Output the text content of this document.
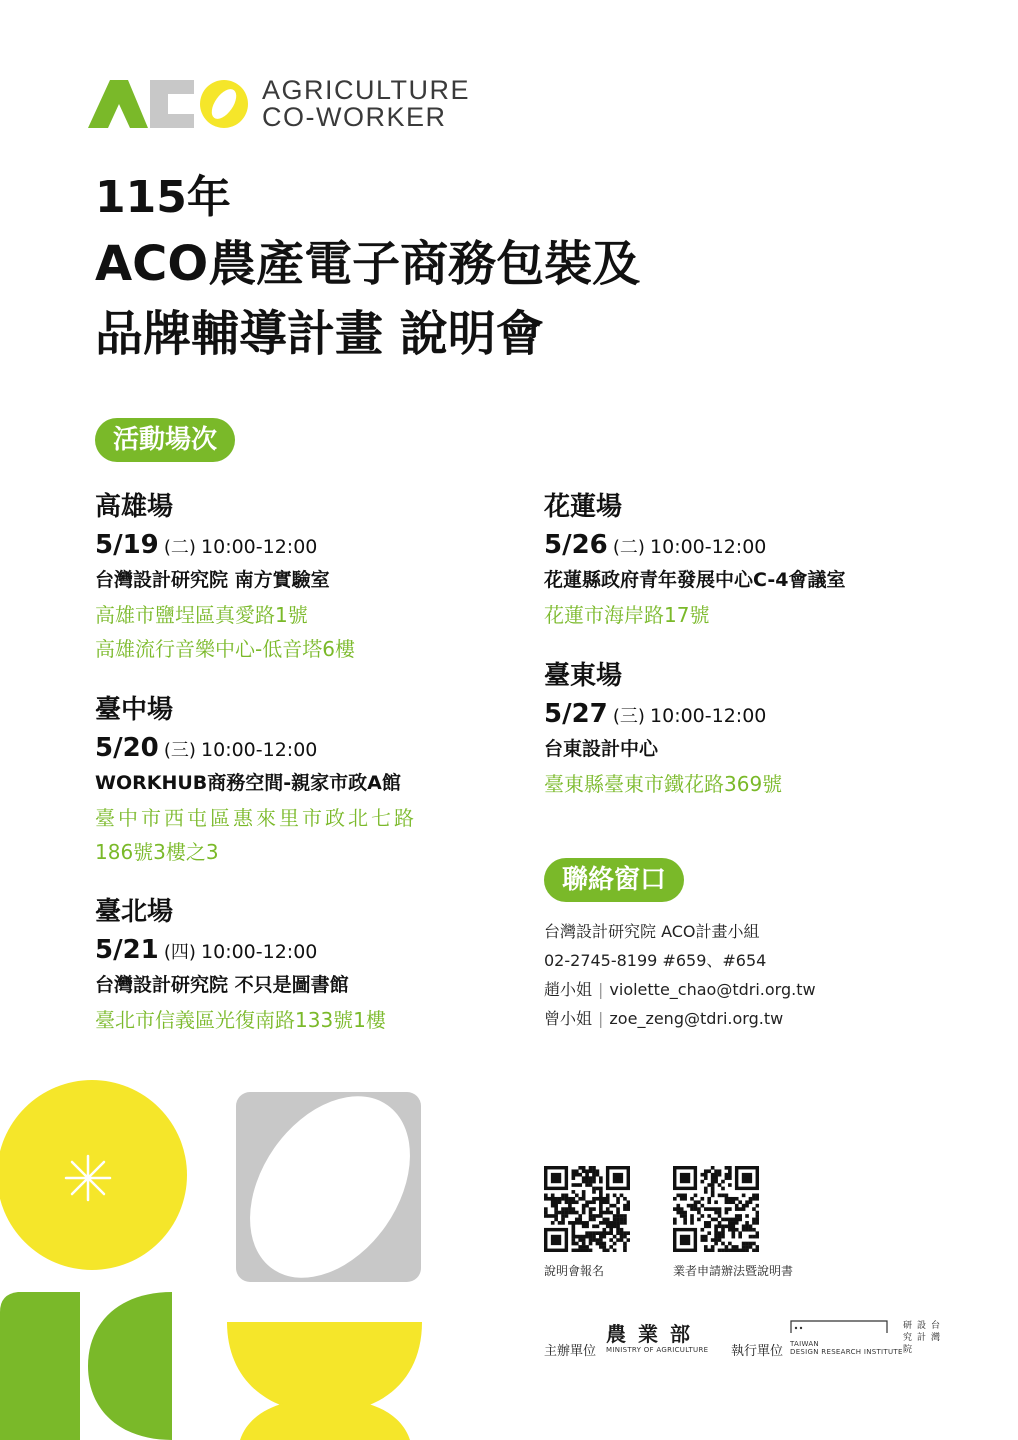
AGRICULTURE
CO-WORKER
115年
ACO農產電子商務包裝及
品牌輔導計畫 說明會
活動場次
高雄場
5/19 (二) 10:00-12:00
台灣設計研究院 南方實驗室
高雄市鹽埕區真愛路1號
高雄流行音樂中心-低音塔6樓
臺中場
5/20 (三) 10:00-12:00
WORKHUB商務空間-親家市政A館
臺中市西屯區惠來里市政北七路
186號3樓之3
臺北場
5/21 (四) 10:00-12:00
台灣設計研究院 不只是圖書館
臺北市信義區光復南路133號1樓
花蓮場
5/26 (二) 10:00-12:00
花蓮縣政府青年發展中心C-4會議室
花蓮市海岸路17號
臺東場
5/27 (三) 10:00-12:00
台東設計中心
臺東縣臺東市鐵花路369號
聯絡窗口
台灣設計研究院 ACO計畫小組
02-2745-8199 #659、#654
趙小姐 | violette_chao@tdri.org.tw
曾小姐 | zoe_zeng@tdri.org.tw
說明會報名	業者申請辦法暨說明書
主辦單位
農業部
MINISTRY OF AGRICULTURE 執行單位 TAIWAN
DESIGN RESEARCH INSTITUTE
台灣
設計
研究院
